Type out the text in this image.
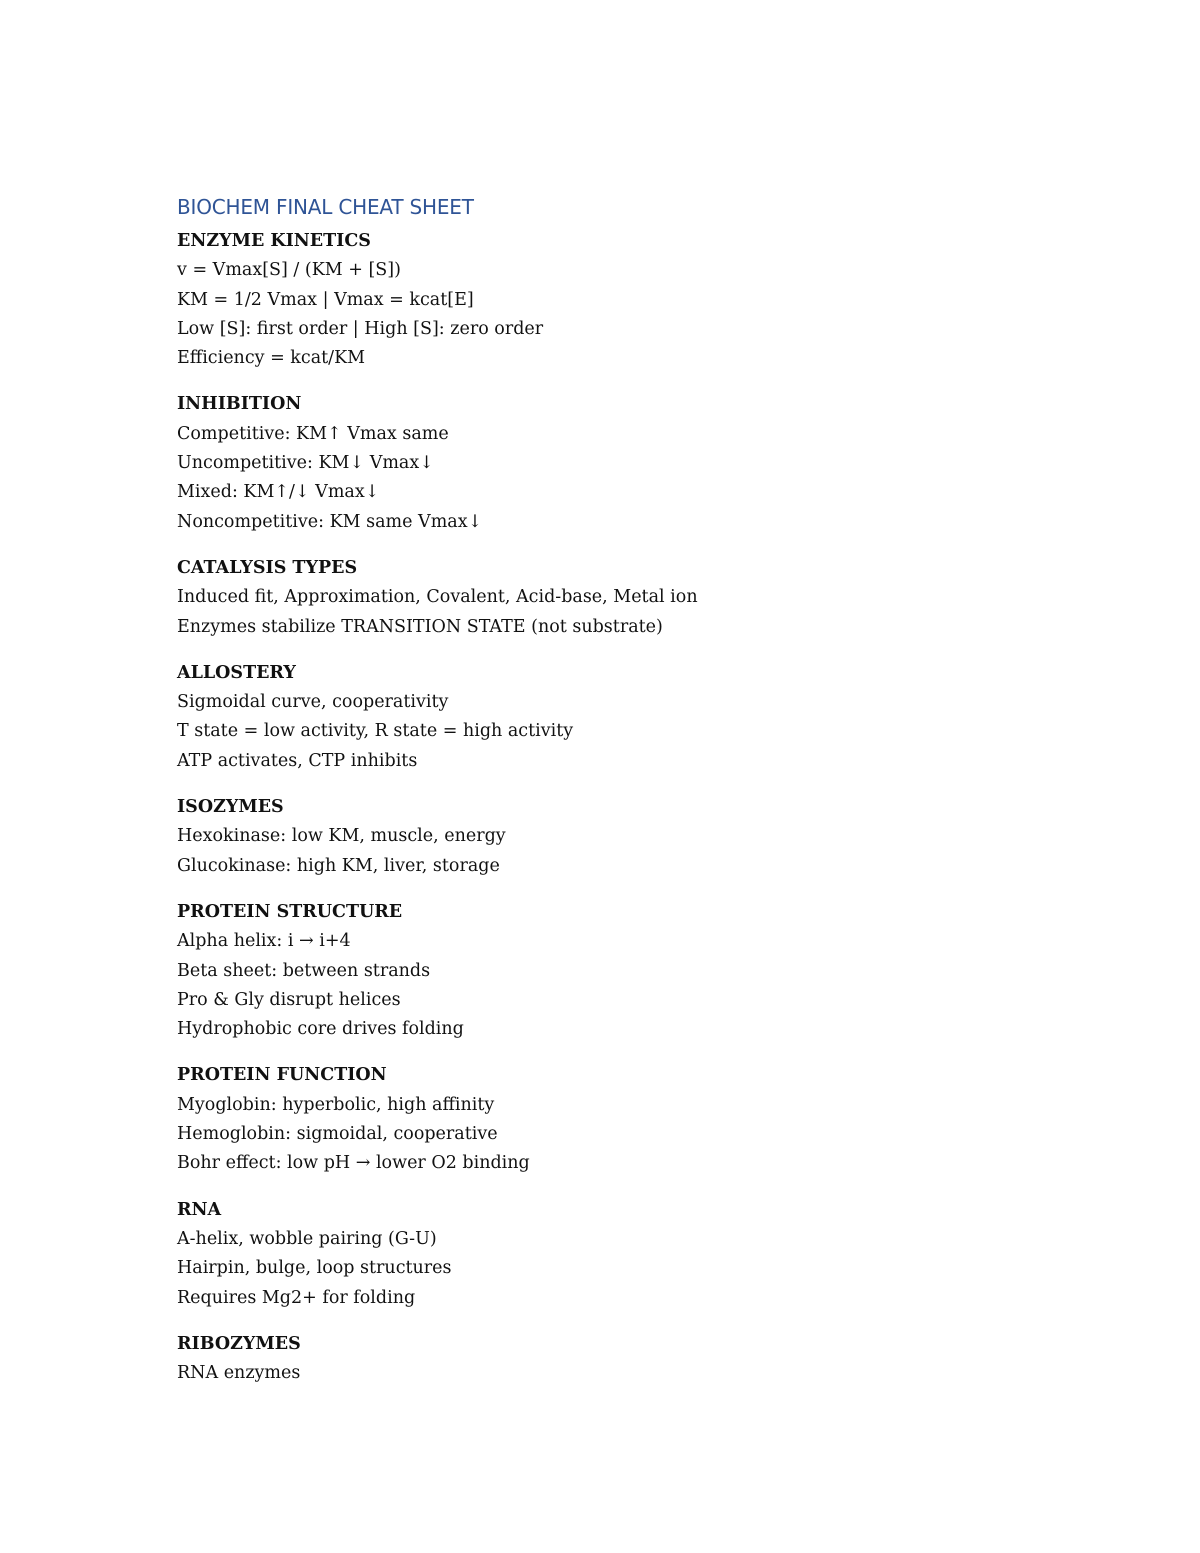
BIOCHEM FINAL CHEAT SHEET
ENZYME KINETICS
v = Vmax[S] / (KM + [S])
KM = 1/2 Vmax | Vmax = kcat[E]
Low [S]: first order | High [S]: zero order
Efficiency = kcat/KM
INHIBITION
Competitive: KM↑ Vmax same
Uncompetitive: KM↓ Vmax↓
Mixed: KM↑/↓ Vmax↓
Noncompetitive: KM same Vmax↓
CATALYSIS TYPES
Induced fit, Approximation, Covalent, Acid-base, Metal ion
Enzymes stabilize TRANSITION STATE (not substrate)
ALLOSTERY
Sigmoidal curve, cooperativity
T state = low activity, R state = high activity
ATP activates, CTP inhibits
ISOZYMES
Hexokinase: low KM, muscle, energy
Glucokinase: high KM, liver, storage
PROTEIN STRUCTURE
Alpha helix: i → i+4
Beta sheet: between strands
Pro & Gly disrupt helices
Hydrophobic core drives folding
PROTEIN FUNCTION
Myoglobin: hyperbolic, high affinity
Hemoglobin: sigmoidal, cooperative
Bohr effect: low pH → lower O2 binding
RNA
A-helix, wobble pairing (G-U)
Hairpin, bulge, loop structures
Requires Mg2+ for folding
RIBOZYMES
RNA enzymes
